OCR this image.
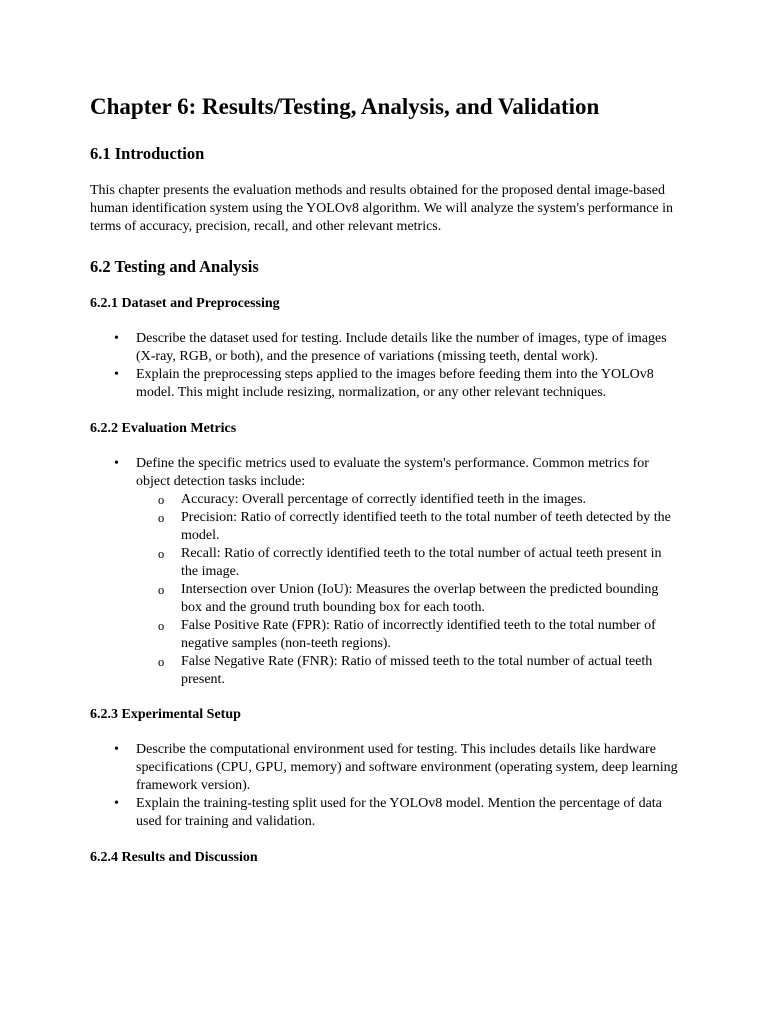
Chapter 6: Results/Testing, Analysis, and Validation
6.1 Introduction

This chapter presents the evaluation methods and results obtained for the proposed dental image-based human identification system using the YOLOv8 algorithm. We will analyze the system's performance in terms of accuracy, precision, recall, and other relevant metrics.

6.2 Testing and Analysis
6.2.1 Dataset and Preprocessing
• Describe the dataset used for testing. Include details like the number of images, type of images (X-ray, RGB, or both), and the presence of variations (missing teeth, dental work).
• Explain the preprocessing steps applied to the images before feeding them into the YOLOv8 model. This might include resizing, normalization, or any other relevant techniques.
6.2.2 Evaluation Metrics
• Define the specific metrics used to evaluate the system's performance. Common metrics for object detection tasks include:
o Accuracy: Overall percentage of correctly identified teeth in the images.
o Precision: Ratio of correctly identified teeth to the total number of teeth detected by the model.
o Recall: Ratio of correctly identified teeth to the total number of actual teeth present in the image.
o Intersection over Union (IoU): Measures the overlap between the predicted bounding box and the ground truth bounding box for each tooth.
o False Positive Rate (FPR): Ratio of incorrectly identified teeth to the total number of negative samples (non-teeth regions).
o False Negative Rate (FNR): Ratio of missed teeth to the total number of actual teeth present.
6.2.3 Experimental Setup
• Describe the computational environment used for testing. This includes details like hardware specifications (CPU, GPU, memory) and software environment (operating system, deep learning framework version).
• Explain the training-testing split used for the YOLOv8 model. Mention the percentage of data used for training and validation.
6.2.4 Results and Discussion
